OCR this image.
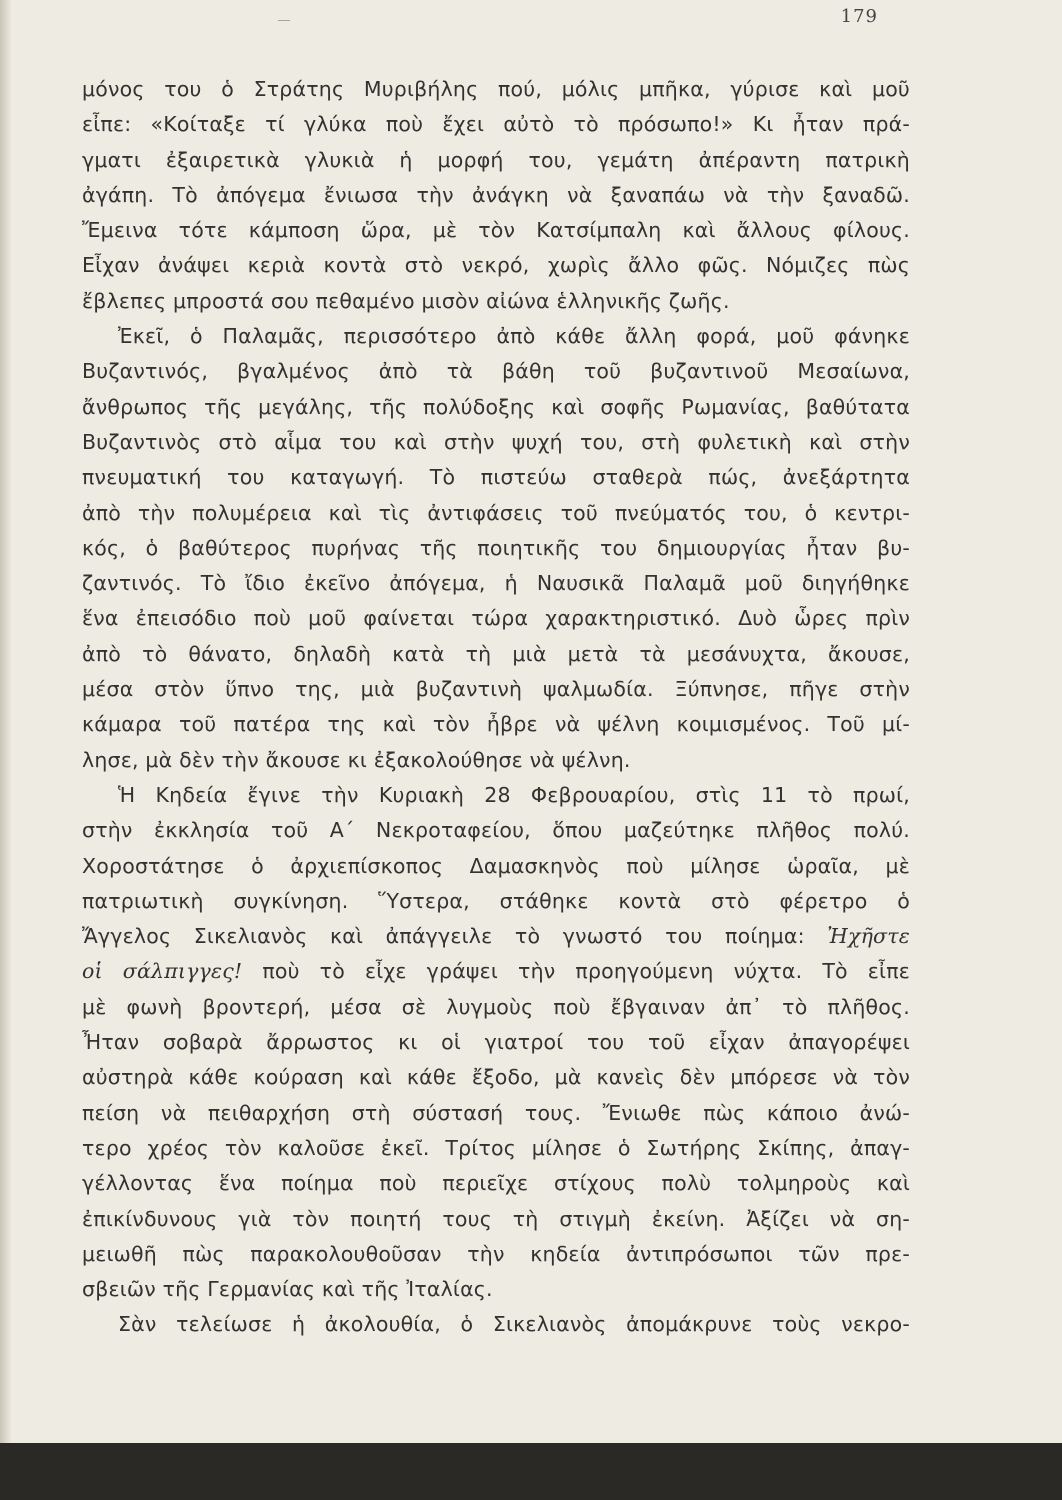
179
μόνος του ὁ Στράτης Μυριβήλης πού, μόλις μπῆκα, γύρισε καὶ μοῦ
εἶπε: «Κοίταξε τί γλύκα ποὺ ἔχει αὐτὸ τὸ πρόσωπο!» Κι ἦταν πρά-
γματι ἐξαιρετικὰ γλυκιὰ ἡ μορφή του, γεμάτη ἀπέραντη πατρικὴ
ἀγάπη. Τὸ ἀπόγεμα ἔνιωσα τὴν ἀνάγκη νὰ ξαναπάω νὰ τὴν ξαναδῶ.
Ἔμεινα τότε κάμποση ὥρα, μὲ τὸν Κατσίμπαλη καὶ ἄλλους φίλους.
Εἶχαν ἀνάψει κεριὰ κοντὰ στὸ νεκρό, χωρὶς ἄλλο φῶς. Νόμιζες πὼς
ἔβλεπες μπροστά σου πεθαμένο μισὸν αἰώνα ἑλληνικῆς ζωῆς.
Ἐκεῖ, ὁ Παλαμᾶς, περισσότερο ἀπὸ κάθε ἄλλη φορά, μοῦ φάνηκε
Βυζαντινός, βγαλμένος ἀπὸ τὰ βάθη τοῦ βυζαντινοῦ Μεσαίωνα,
ἄνθρωπος τῆς μεγάλης, τῆς πολύδοξης καὶ σοφῆς Ρωμανίας, βαθύτατα
Βυζαντινὸς στὸ αἷμα του καὶ στὴν ψυχή του, στὴ φυλετικὴ καὶ στὴν
πνευματική του καταγωγή. Τὸ πιστεύω σταθερὰ πώς, ἀνεξάρτητα
ἀπὸ τὴν πολυμέρεια καὶ τὶς ἀντιφάσεις τοῦ πνεύματός του, ὁ κεντρι-
κός, ὁ βαθύτερος πυρήνας τῆς ποιητικῆς του δημιουργίας ἦταν βυ-
ζαντινός. Τὸ ἴδιο ἐκεῖνο ἀπόγεμα, ἡ Ναυσικᾶ Παλαμᾶ μοῦ διηγήθηκε
ἕνα ἐπεισόδιο ποὺ μοῦ φαίνεται τώρα χαρακτηριστικό. Δυὸ ὧρες πρὶν
ἀπὸ τὸ θάνατο, δηλαδὴ κατὰ τὴ μιὰ μετὰ τὰ μεσάνυχτα, ἄκουσε,
μέσα στὸν ὕπνο της, μιὰ βυζαντινὴ ψαλμωδία. Ξύπνησε, πῆγε στὴν
κάμαρα τοῦ πατέρα της καὶ τὸν ἦβρε νὰ ψέλνη κοιμισμένος. Τοῦ μί-
λησε, μὰ δὲν τὴν ἄκουσε κι ἐξακολούθησε νὰ ψέλνη.
Ἡ Κηδεία ἔγινε τὴν Κυριακὴ 28 Φεβρουαρίου, στὶς 11 τὸ πρωί,
στὴν ἐκκλησία τοῦ Α΄ Νεκροταφείου, ὅπου μαζεύτηκε πλῆθος πολύ.
Χοροστάτησε ὁ ἀρχιεπίσκοπος Δαμασκηνὸς ποὺ μίλησε ὡραῖα, μὲ
πατριωτικὴ συγκίνηση. Ὕστερα, στάθηκε κοντὰ στὸ φέρετρο ὁ
Ἄγγελος Σικελιανὸς καὶ ἀπάγγειλε τὸ γνωστό του ποίημα: Ἠχῆστε
οἱ σάλπιγγες! ποὺ τὸ εἶχε γράψει τὴν προηγούμενη νύχτα. Τὸ εἶπε
μὲ φωνὴ βροντερή, μέσα σὲ λυγμοὺς ποὺ ἔβγαιναν ἀπ᾿ τὸ πλῆθος.
Ἦταν σοβαρὰ ἄρρωστος κι οἱ γιατροί του τοῦ εἶχαν ἀπαγορέψει
αὐστηρὰ κάθε κούραση καὶ κάθε ἔξοδο, μὰ κανεὶς δὲν μπόρεσε νὰ τὸν
πείση νὰ πειθαρχήση στὴ σύστασή τους. Ἔνιωθε πὼς κάποιο ἀνώ-
τερο χρέος τὸν καλοῦσε ἐκεῖ. Τρίτος μίλησε ὁ Σωτήρης Σκίπης, ἀπαγ-
γέλλοντας ἕνα ποίημα ποὺ περιεῖχε στίχους πολὺ τολμηροὺς καὶ
ἐπικίνδυνους γιὰ τὸν ποιητή τους τὴ στιγμὴ ἐκείνη. Ἀξίζει νὰ ση-
μειωθῆ πὼς παρακολουθοῦσαν τὴν κηδεία ἀντιπρόσωποι τῶν πρε-
σβειῶν τῆς Γερμανίας καὶ τῆς Ἰταλίας.
Σὰν τελείωσε ἡ ἀκολουθία, ὁ Σικελιανὸς ἀπομάκρυνε τοὺς νεκρο-
